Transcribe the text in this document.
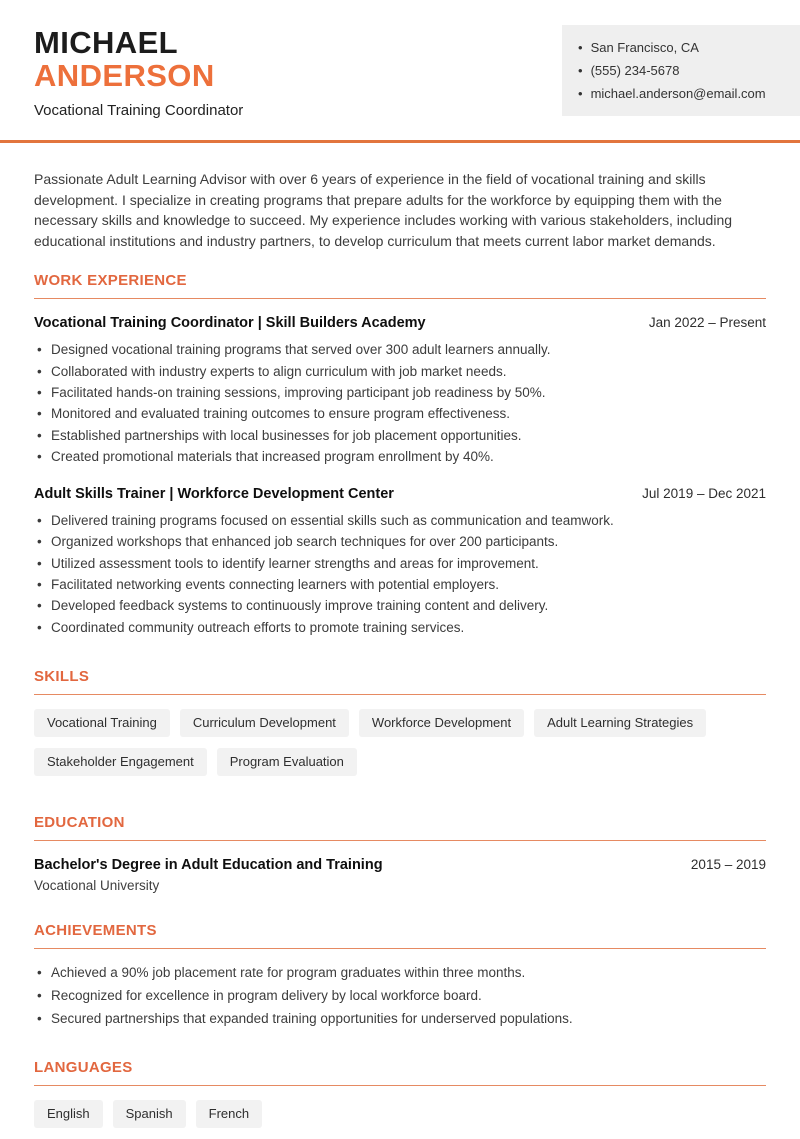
MICHAEL
ANDERSON
Vocational Training Coordinator
• San Francisco, CA
• (555) 234-5678
• michael.anderson@email.com

Passionate Adult Learning Advisor with over 6 years of experience in the field of vocational training and skills development. I specialize in creating programs that prepare adults for the workforce by equipping them with the necessary skills and knowledge to succeed. My experience includes working with various stakeholders, including educational institutions and industry partners, to develop curriculum that meets current labor market demands.

WORK EXPERIENCE
Vocational Training Coordinator | Skill Builders Academy	Jan 2022 – Present
• Designed vocational training programs that served over 300 adult learners annually.
• Collaborated with industry experts to align curriculum with job market needs.
• Facilitated hands-on training sessions, improving participant job readiness by 50%.
• Monitored and evaluated training outcomes to ensure program effectiveness.
• Established partnerships with local businesses for job placement opportunities.
• Created promotional materials that increased program enrollment by 40%.
Adult Skills Trainer | Workforce Development Center	Jul 2019 – Dec 2021
• Delivered training programs focused on essential skills such as communication and teamwork.
• Organized workshops that enhanced job search techniques for over 200 participants.
• Utilized assessment tools to identify learner strengths and areas for improvement.
• Facilitated networking events connecting learners with potential employers.
• Developed feedback systems to continuously improve training content and delivery.
• Coordinated community outreach efforts to promote training services.
SKILLS
Vocational Training	Curriculum Development	Workforce Development	Adult Learning Strategies
Stakeholder Engagement	Program Evaluation
EDUCATION
Bachelor's Degree in Adult Education and Training	2015 – 2019
Vocational University
ACHIEVEMENTS
• Achieved a 90% job placement rate for program graduates within three months.
• Recognized for excellence in program delivery by local workforce board.
• Secured partnerships that expanded training opportunities for underserved populations.
LANGUAGES
English	Spanish	French
